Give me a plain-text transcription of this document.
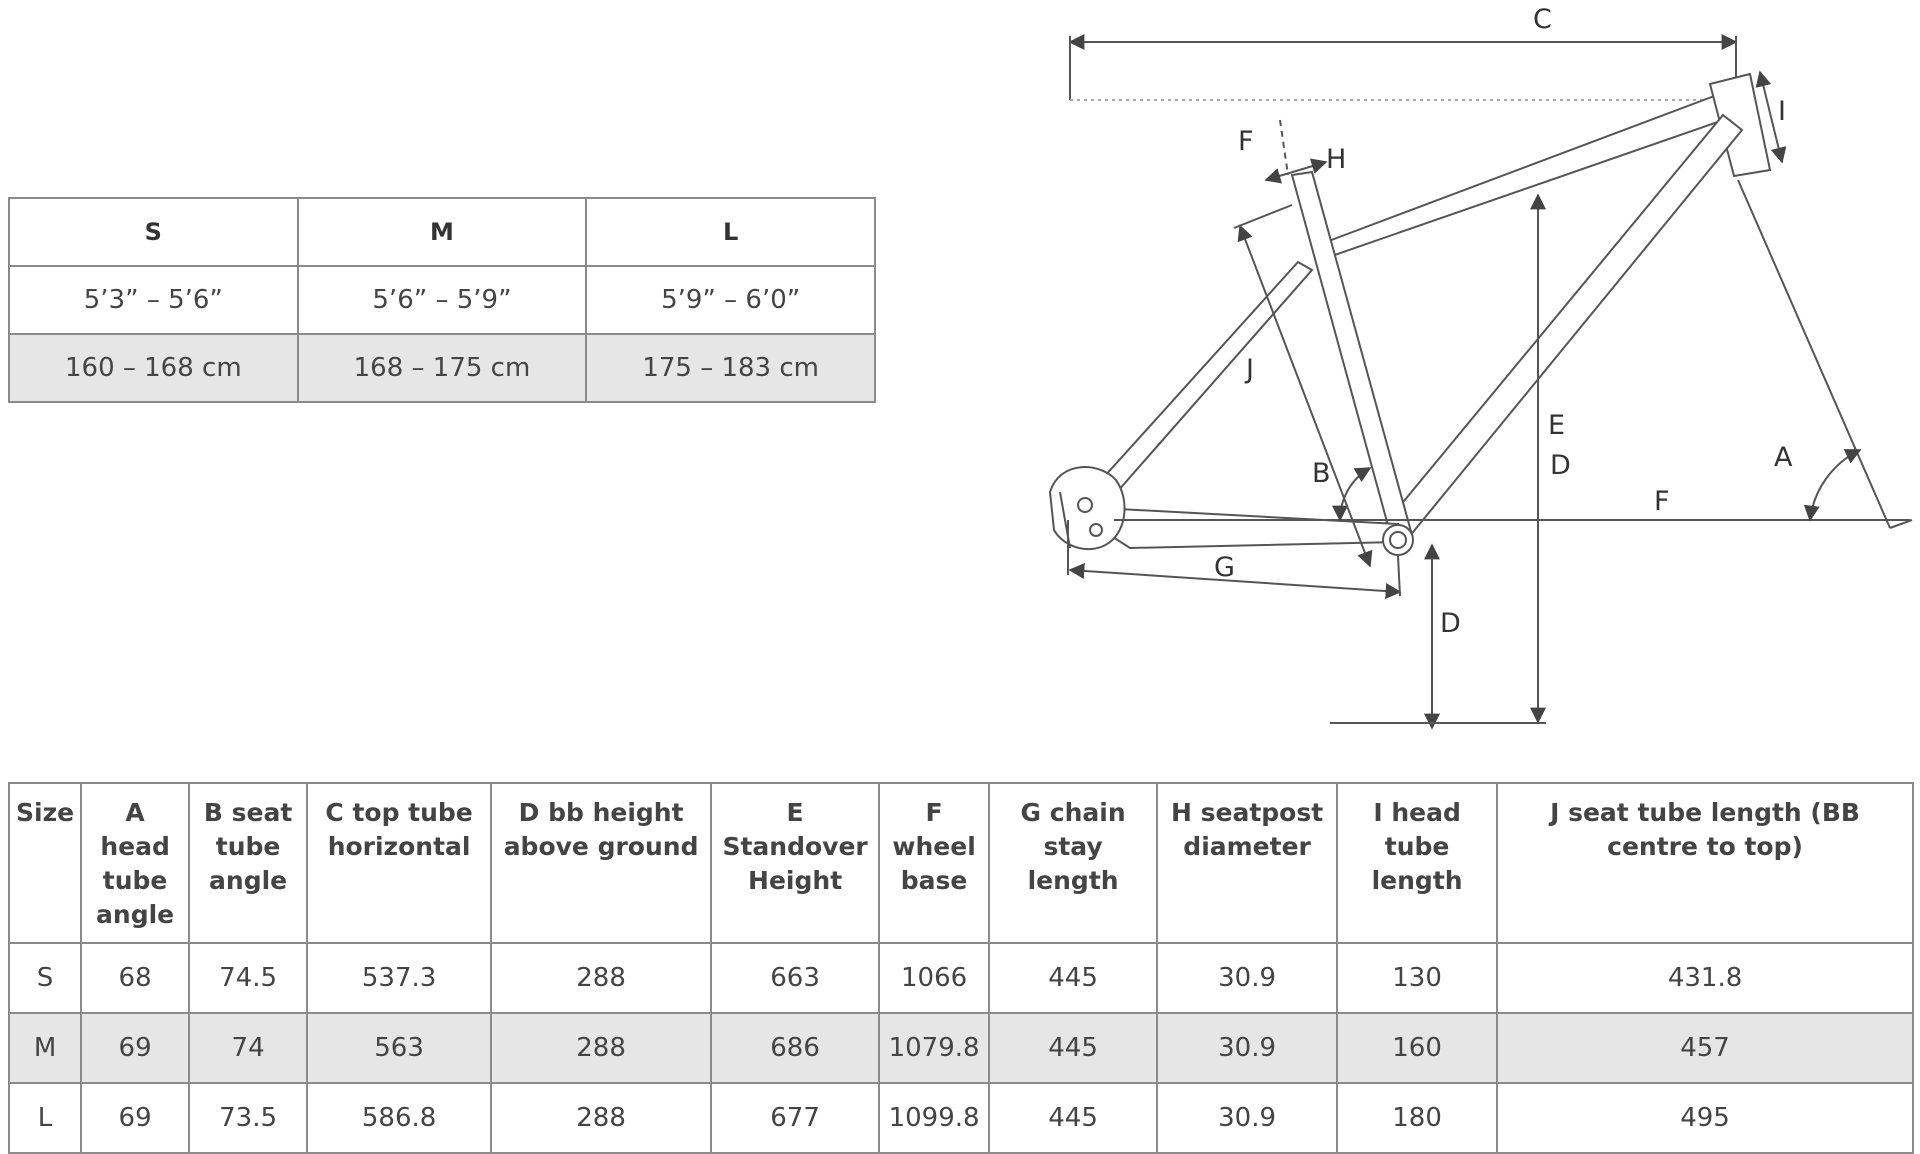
S	M	L
5’3” – 5’6”	5’6” – 5’9”	5’9” – 6’0”
160 – 168 cm	168 – 175 cm	175 – 183 cm
C
I
F
H
J
E
D	A
B
F
G
D
Size	A head tube angle	B seat tube angle	C top tube horizontal	D bb height above ground	E Standover Height	F wheel base	G chain stay length	H seatpost diameter	I head tube length	J seat tube length (BB centre to top)
S	68	74.5	537.3	288	663	1066	445	30.9	130	431.8
M	69	74	563	288	686	1079.8	445	30.9	160	457
L	69	73.5	586.8	288	677	1099.8	445	30.9	180	495
